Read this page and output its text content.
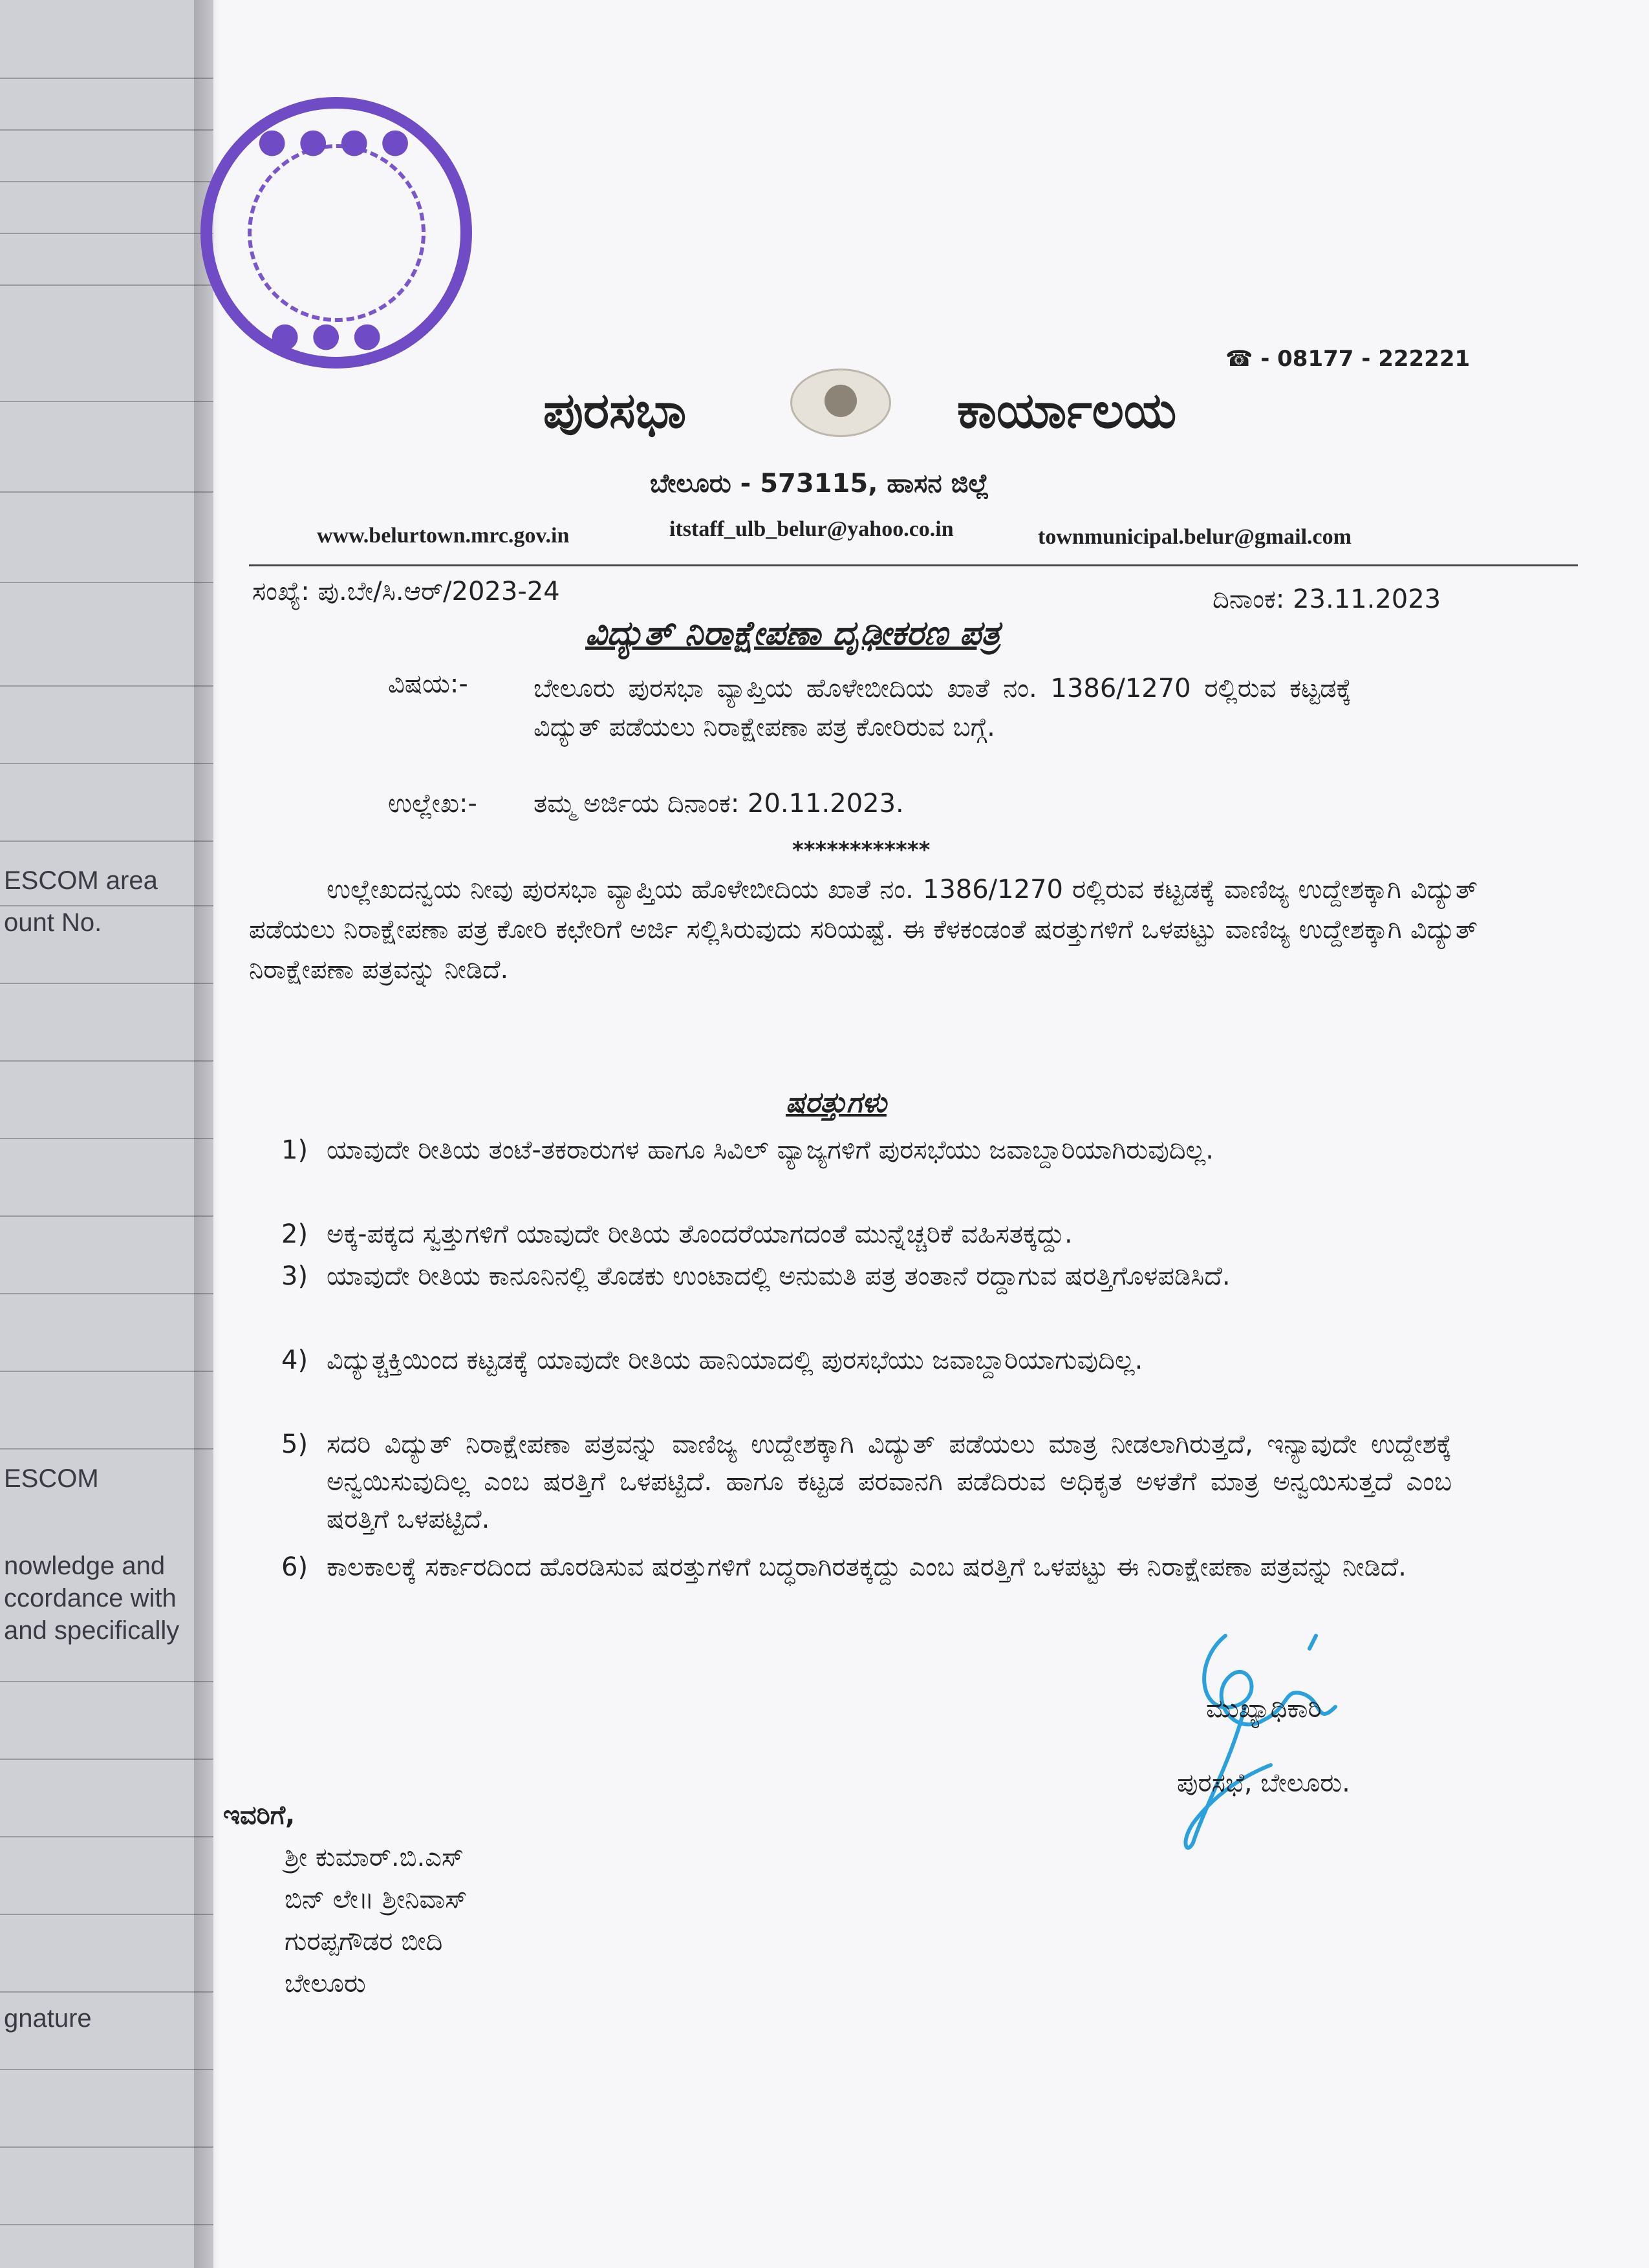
ESCOM area
ount No.
ESCOM
nowledge and
ccordance with
and specifically
gnature
● ● ● ●
● ● ●
☎ - 08177 - 222221
ಪುರಸಭಾ	ಕಾರ್ಯಾಲಯ
ಬೇಲೂರು - 573115, ಹಾಸನ ಜಿಲ್ಲೆ
www.belurtown.mrc.gov.in	itstaff_ulb_belur@yahoo.co.in	townmunicipal.belur@gmail.com
ಸಂಖ್ಯೆ: ಪು.ಬೇ/ಸಿ.ಆರ್/2023-24	ದಿನಾಂಕ: 23.11.2023
ವಿದ್ಯುತ್ ನಿರಾಕ್ಷೇಪಣಾ ದೃಢೀಕರಣ ಪತ್ರ
ವಿಷಯ:-	ಬೇಲೂರು ಪುರಸಭಾ ವ್ಯಾಪ್ತಿಯ ಹೊಳೇಬೀದಿಯ ಖಾತೆ ನಂ. 1386/1270 ರಲ್ಲಿರುವ ಕಟ್ಟಡಕ್ಕೆ ವಿದ್ಯುತ್ ಪಡೆಯಲು ನಿರಾಕ್ಷೇಪಣಾ ಪತ್ರ ಕೋರಿರುವ ಬಗ್ಗೆ.
ಉಲ್ಲೇಖ:- ತಮ್ಮ ಅರ್ಜಿಯ ದಿನಾಂಕ: 20.11.2023.
************
ಉಲ್ಲೇಖದನ್ವಯ ನೀವು ಪುರಸಭಾ ವ್ಯಾಪ್ತಿಯ ಹೊಳೇಬೀದಿಯ ಖಾತೆ ನಂ. 1386/1270 ರಲ್ಲಿರುವ ಕಟ್ಟಡಕ್ಕೆ ವಾಣಿಜ್ಯ ಉದ್ದೇಶಕ್ಕಾಗಿ ವಿದ್ಯುತ್ ಪಡೆಯಲು ನಿರಾಕ್ಷೇಪಣಾ ಪತ್ರ ಕೋರಿ ಕಛೇರಿಗೆ ಅರ್ಜಿ ಸಲ್ಲಿಸಿರುವುದು ಸರಿಯಷ್ಟೆ. ಈ ಕೆಳಕಂಡಂತೆ ಷರತ್ತುಗಳಿಗೆ ಒಳಪಟ್ಟು ವಾಣಿಜ್ಯ ಉದ್ದೇಶಕ್ಕಾಗಿ ವಿದ್ಯುತ್ ನಿರಾಕ್ಷೇಪಣಾ ಪತ್ರವನ್ನು ನೀಡಿದೆ.
ಷರತ್ತುಗಳು
1) ಯಾವುದೇ ರೀತಿಯ ತಂಟೆ-ತಕರಾರುಗಳ ಹಾಗೂ ಸಿವಿಲ್ ವ್ಯಾಜ್ಯಗಳಿಗೆ ಪುರಸಭೆಯು ಜವಾಬ್ದಾರಿಯಾಗಿರುವುದಿಲ್ಲ.
2) ಅಕ್ಕ-ಪಕ್ಕದ ಸ್ವತ್ತುಗಳಿಗೆ ಯಾವುದೇ ರೀತಿಯ ತೊಂದರೆಯಾಗದಂತೆ ಮುನ್ನೆಚ್ಚರಿಕೆ ವಹಿಸತಕ್ಕದ್ದು.
3) ಯಾವುದೇ ರೀತಿಯ ಕಾನೂನಿನಲ್ಲಿ ತೊಡಕು ಉಂಟಾದಲ್ಲಿ ಅನುಮತಿ ಪತ್ರ ತಂತಾನೆ ರದ್ದಾಗುವ ಷರತ್ತಿಗೊಳಪಡಿಸಿದೆ.
4) ವಿದ್ಯುತ್ಚಕ್ತಿಯಿಂದ ಕಟ್ಟಡಕ್ಕೆ ಯಾವುದೇ ರೀತಿಯ ಹಾನಿಯಾದಲ್ಲಿ ಪುರಸಭೆಯು ಜವಾಬ್ದಾರಿಯಾಗುವುದಿಲ್ಲ.
5) ಸದರಿ ವಿದ್ಯುತ್ ನಿರಾಕ್ಷೇಪಣಾ ಪತ್ರವನ್ನು ವಾಣಿಜ್ಯ ಉದ್ದೇಶಕ್ಕಾಗಿ ವಿದ್ಯುತ್ ಪಡೆಯಲು ಮಾತ್ರ ನೀಡಲಾಗಿರುತ್ತದೆ, ಇನ್ಯಾವುದೇ ಉದ್ದೇಶಕ್ಕೆ ಅನ್ವಯಿಸುವುದಿಲ್ಲ ಎಂಬ ಷರತ್ತಿಗೆ ಒಳಪಟ್ಟಿದೆ. ಹಾಗೂ ಕಟ್ಟಡ ಪರವಾನಗಿ ಪಡೆದಿರುವ ಅಧಿಕೃತ ಅಳತೆಗೆ ಮಾತ್ರ ಅನ್ವಯಿಸುತ್ತದೆ ಎಂಬ ಷರತ್ತಿಗೆ ಒಳಪಟ್ಟಿದೆ.
6) ಕಾಲಕಾಲಕ್ಕೆ ಸರ್ಕಾರದಿಂದ ಹೊರಡಿಸುವ ಷರತ್ತುಗಳಿಗೆ ಬದ್ಧರಾಗಿರತಕ್ಕದ್ದು ಎಂಬ ಷರತ್ತಿಗೆ ಒಳಪಟ್ಟು ಈ ನಿರಾಕ್ಷೇಪಣಾ ಪತ್ರವನ್ನು ನೀಡಿದೆ.
ಮುಖ್ಯಾಧಿಕಾರಿ
ಪುರಸಭೆ, ಬೇಲೂರು.
ಇವರಿಗೆ,
ಶ್ರೀ ಕುಮಾರ್.ಬಿ.ಎಸ್
ಬಿನ್ ಲೇ॥ ಶ್ರೀನಿವಾಸ್
ಗುರಪ್ಪಗೌಡರ ಬೀದಿ
ಬೇಲೂರು
